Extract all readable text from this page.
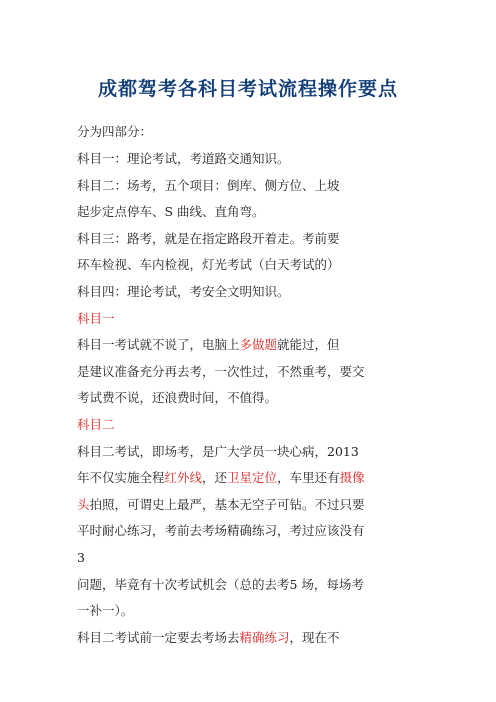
成都驾考各科目考试流程操作要点
分为四部分：
科目一：理论考试，考道路交通知识。
科目二：场考，五个项目：倒库、侧方位、上坡
起步定点停车、S 曲线、直角弯。
科目三：路考，就是在指定路段开着走。考前要
环车检视、车内检视，灯光考试（白天考试的）
科目四：理论考试，考安全文明知识。
科目一
科目一考试就不说了，电脑上多做题就能过，但
是建议准备充分再去考，一次性过，不然重考，要交
考试费不说，还浪费时间，不值得。
科目二
科目二考试，即场考，是广大学员一块心病，2013
年不仅实施全程红外线，还卫星定位，车里还有摄像
头拍照，可谓史上最严，基本无空子可钻。不过只要
平时耐心练习，考前去考场精确练习，考过应该没有
3
问题，毕竟有十次考试机会（总的去考5 场，每场考
一补一）。
科目二考试前一定要去考场去精确练习，现在不
